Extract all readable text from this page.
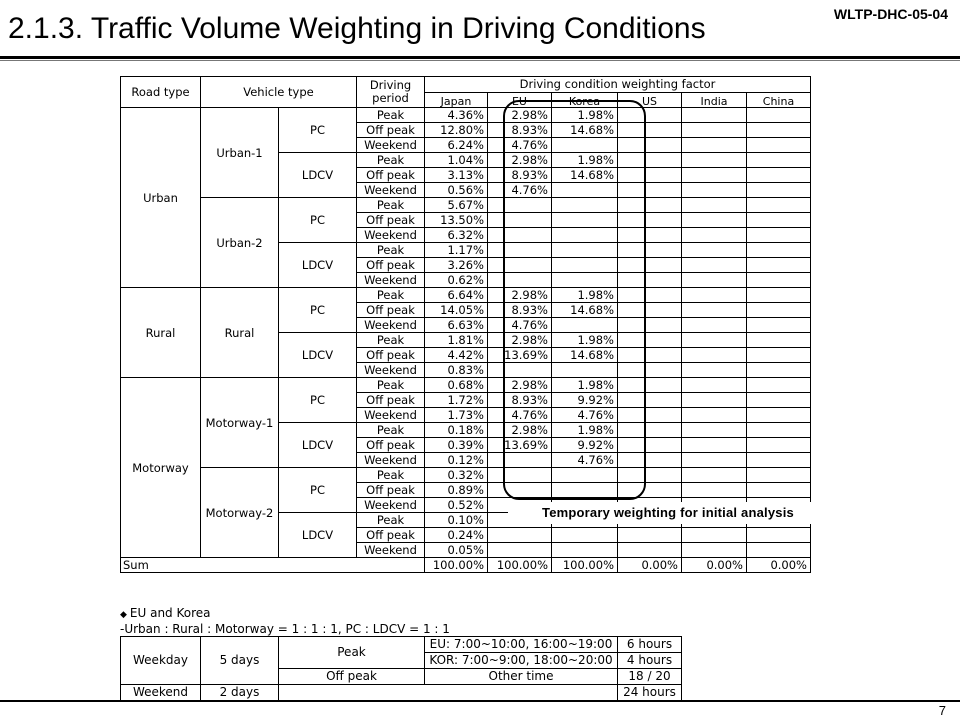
2.1.3. Traffic Volume Weighting in Driving Conditions	WLTP-DHC-05-04
Road type	Vehicle type		Driving period	Driving condition weighting factor					
				Japan	EU	Korea	US	India	China
Urban	Urban-1	PC	Peak	4.36%	2.98%	1.98%			
			Off peak	12.80%	8.93%	14.68%			
			Weekend	6.24%	4.76%				
		LDCV	Peak	1.04%	2.98%	1.98%			
			Off peak	3.13%	8.93%	14.68%			
			Weekend	0.56%	4.76%				
	Urban-2	PC	Peak	5.67%					
			Off peak	13.50%					
			Weekend	6.32%					
		LDCV	Peak	1.17%					
			Off peak	3.26%					
			Weekend	0.62%					
Rural	Rural	PC	Peak	6.64%	2.98%	1.98%			
			Off peak	14.05%	8.93%	14.68%			
			Weekend	6.63%	4.76%				
		LDCV	Peak	1.81%	2.98%	1.98%			
			Off peak	4.42%	13.69%	14.68%			
			Weekend	0.83%					
Motorway	Motorway-1	PC	Peak	0.68%	2.98%	1.98%			
			Off peak	1.72%	8.93%	9.92%			
			Weekend	1.73%	4.76%	4.76%			
		LDCV	Peak	0.18%	2.98%	1.98%			
			Off peak	0.39%	13.69%	9.92%			
			Weekend	0.12%		4.76%			
	Motorway-2	PC	Peak	0.32%					
			Off peak	0.89%					
			Weekend	0.52%					
		LDCV	Peak	0.10%					
			Off peak	0.24%					
			Weekend	0.05%					
Sum				100.00%	100.00%	100.00%	0.00%	0.00%	0.00%
Temporary weighting for initial analysis
◆ EU and Korea
-Urban : Rural : Motorway = 1 : 1 : 1, PC : LDCV = 1 : 1
Weekday	5 days	Peak	EU: 7:00~10:00, 16:00~19:00	6 hours
			KOR: 7:00~9:00, 18:00~20:00	4 hours
		Off peak	Other time	18 / 20
Weekend	2 days			24 hours
7
